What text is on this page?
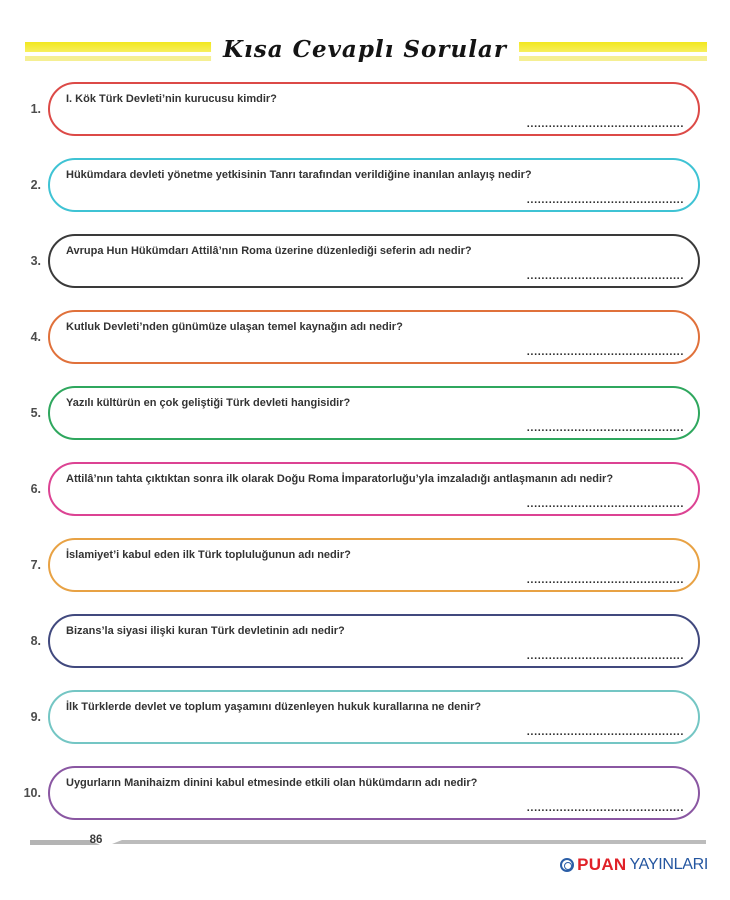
Kısa Cevaplı Sorular
1.
I. Kök Türk Devleti’nin kurucusu kimdir?
...........................................
2.
Hükümdara devleti yönetme yetkisinin Tanrı tarafından verildiğine inanılan anlayış nedir?
...........................................
3.
Avrupa Hun Hükümdarı Attilâ’nın Roma üzerine düzenlediği seferin adı nedir?
...........................................
4.
Kutluk Devleti’nden günümüze ulaşan temel kaynağın adı nedir?
...........................................
5.
Yazılı kültürün en çok geliştiği Türk devleti hangisidir?
...........................................
6.
Attilâ’nın tahta çıktıktan sonra ilk olarak Doğu Roma İmparatorluğu’yla imzaladığı antlaşmanın adı nedir?
...........................................
7.
İslamiyet’i kabul eden ilk Türk topluluğunun adı nedir?
...........................................
8.
Bizans’la siyasi ilişki kuran Türk devletinin adı nedir?
...........................................
9.
İlk Türklerde devlet ve toplum yaşamını düzenleyen hukuk kurallarına ne denir?
...........................................
10.
Uygurların Manihaizm dinini kabul etmesinde etkili olan hükümdarın adı nedir?
...........................................
86
PUAN YAYINLARI
